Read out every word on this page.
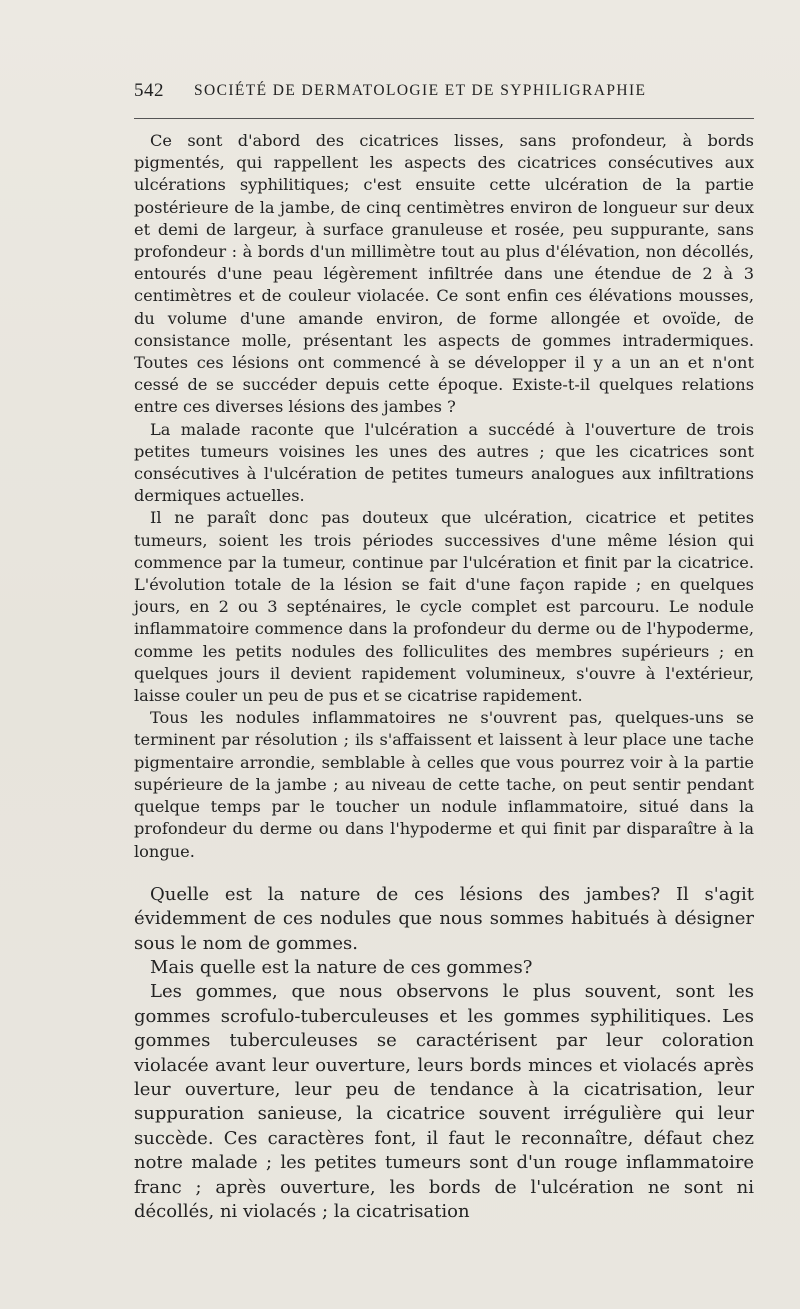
542 SOCIÉTÉ DE DERMATOLOGIE ET DE SYPHILIGRAPHIE

Ce sont d'abord des cicatrices lisses, sans profondeur, à bords pigmentés, qui rappellent les aspects des cicatrices consécutives aux ulcérations syphilitiques; c'est ensuite cette ulcération de la partie postérieure de la jambe, de cinq centimètres environ de longueur sur deux et demi de largeur, à surface granuleuse et rosée, peu suppurante, sans profondeur : à bords d'un millimètre tout au plus d'élévation, non décollés, entourés d'une peau légèrement infiltrée dans une étendue de 2 à 3 centimètres et de couleur violacée. Ce sont enfin ces élévations mousses, du volume d'une amande environ, de forme allongée et ovoïde, de consistance molle, présentant les aspects de gommes intradermiques. Toutes ces lésions ont commencé à se développer il y a un an et n'ont cessé de se succéder depuis cette époque. Existe-t-il quelques relations entre ces diverses lésions des jambes ?

La malade raconte que l'ulcération a succédé à l'ouverture de trois petites tumeurs voisines les unes des autres ; que les cicatrices sont consécutives à l'ulcération de petites tumeurs analogues aux infiltrations dermiques actuelles.

Il ne paraît donc pas douteux que ulcération, cicatrice et petites tumeurs, soient les trois périodes successives d'une même lésion qui commence par la tumeur, continue par l'ulcération et finit par la cicatrice. L'évolution totale de la lésion se fait d'une façon rapide ; en quelques jours, en 2 ou 3 septénaires, le cycle complet est parcouru. Le nodule inflammatoire commence dans la profondeur du derme ou de l'hypoderme, comme les petits nodules des folliculites des membres supérieurs ; en quelques jours il devient rapidement volumineux, s'ouvre à l'extérieur, laisse couler un peu de pus et se cicatrise rapidement.

Tous les nodules inflammatoires ne s'ouvrent pas, quelques-uns se terminent par résolution ; ils s'affaissent et laissent à leur place une tache pigmentaire arrondie, semblable à celles que vous pourrez voir à la partie supérieure de la jambe ; au niveau de cette tache, on peut sentir pendant quelque temps par le toucher un nodule inflammatoire, situé dans la profondeur du derme ou dans l'hypoderme et qui finit par disparaître à la longue.

Quelle est la nature de ces lésions des jambes? Il s'agit évidemment de ces nodules que nous sommes habitués à désigner sous le nom de gommes.

Mais quelle est la nature de ces gommes?

Les gommes, que nous observons le plus souvent, sont les gommes scrofulo-tuberculeuses et les gommes syphilitiques. Les gommes tuberculeuses se caractérisent par leur coloration violacée avant leur ouverture, leurs bords minces et violacés après leur ouverture, leur peu de tendance à la cicatrisation, leur suppuration sanieuse, la cicatrice souvent irrégulière qui leur succède. Ces caractères font, il faut le reconnaître, défaut chez notre malade ; les petites tumeurs sont d'un rouge inflammatoire franc ; après ouverture, les bords de l'ulcération ne sont ni décollés, ni violacés ; la cicatrisation
